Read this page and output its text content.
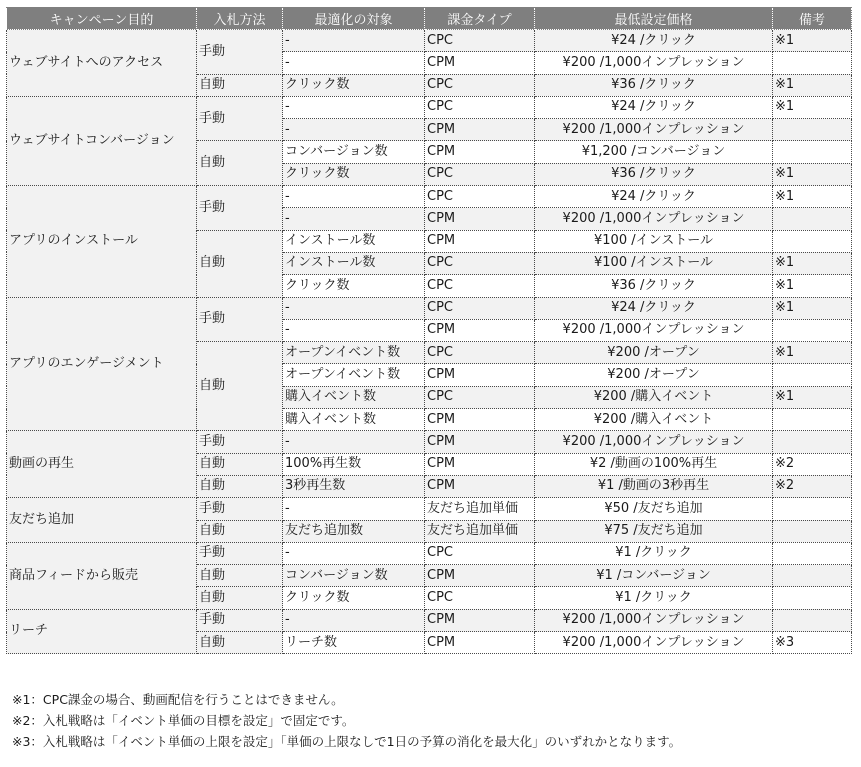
キャンペーン目的	入札方法	最適化の対象	課金タイプ	最低設定価格	備考
ウェブサイトへのアクセス	手動	-	CPC	¥24 /クリック	※1
		-	CPM	¥200 /1,000インプレッション	
	自動	クリック数	CPC	¥36 /クリック	※1
ウェブサイトコンバージョン	手動	-	CPC	¥24 /クリック	※1
		-	CPM	¥200 /1,000インプレッション	
	自動	コンバージョン数	CPM	¥1,200 /コンバージョン	
		クリック数	CPC	¥36 /クリック	※1
アプリのインストール	手動	-	CPC	¥24 /クリック	※1
		-	CPM	¥200 /1,000インプレッション	
	自動	インストール数	CPM	¥100 /インストール	
		インストール数	CPC	¥100 /インストール	※1
		クリック数	CPC	¥36 /クリック	※1
アプリのエンゲージメント	手動	-	CPC	¥24 /クリック	※1
		-	CPM	¥200 /1,000インプレッション	
	自動	オープンイベント数	CPC	¥200 /オープン	※1
		オープンイベント数	CPM	¥200 /オープン	
		購入イベント数	CPC	¥200 /購入イベント	※1
		購入イベント数	CPM	¥200 /購入イベント	
動画の再生	手動	-	CPM	¥200 /1,000インプレッション	
	自動	100%再生数	CPM	¥2 /動画の100%再生	※2
	自動	3秒再生数	CPM	¥1 /動画の3秒再生	※2
友だち追加	手動	-	友だち追加単価	¥50 /友だち追加	
	自動	友だち追加数	友だち追加単価	¥75 /友だち追加	
商品フィードから販売	手動	-	CPC	¥1 /クリック	
	自動	コンバージョン数	CPM	¥1 /コンバージョン	
	自動	クリック数	CPC	¥1 /クリック	
リーチ	手動	-	CPM	¥200 /1,000インプレッション	
	自動	リーチ数	CPM	¥200 /1,000インプレッション	※3
※1：CPC課金の場合、動画配信を行うことはできません。
※2：入札戦略は「イベント単価の目標を設定」で固定です。
※3：入札戦略は「イベント単価の上限を設定」「単価の上限なしで1日の予算の消化を最大化」のいずれかとなります。
